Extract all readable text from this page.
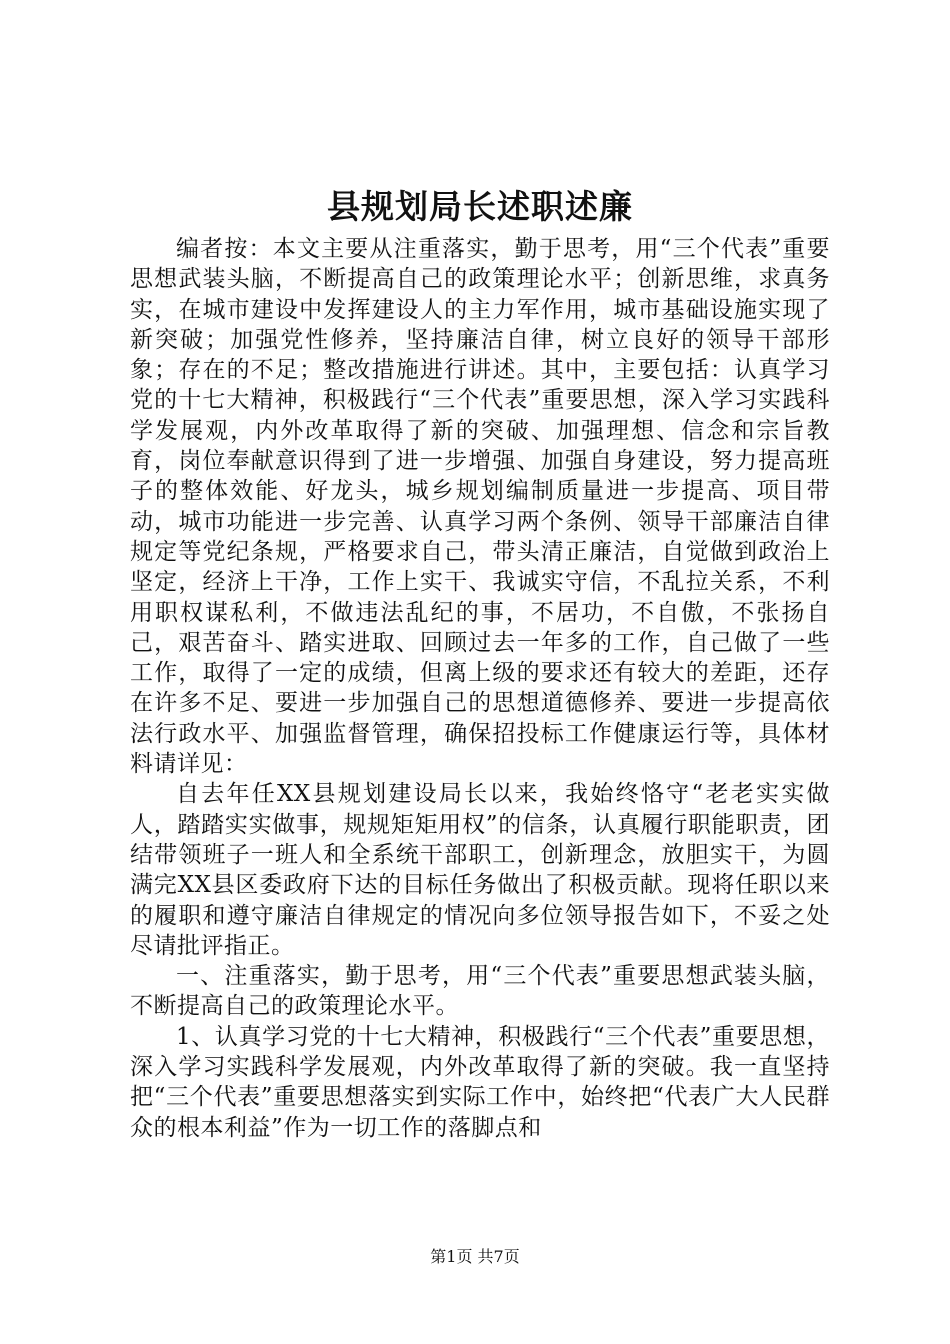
县规划局长述职述廉

编者按：本文主要从注重落实，勤于思考，用“三个代表”重要思想武装头脑，不断提高自己的政策理论水平；创新思维，求真务实，在城市建设中发挥建设人的主力军作用，城市基础设施实现了新突破；加强党性修养，坚持廉洁自律，树立良好的领导干部形象；存在的不足；整改措施进行讲述。其中，主要包括：认真学习党的十七大精神，积极践行“三个代表”重要思想，深入学习实践科学发展观，内外改革取得了新的突破、加强理想、信念和宗旨教育，岗位奉献意识得到了进一步增强、加强自身建设，努力提高班子的整体效能、好龙头，城乡规划编制质量进一步提高、项目带动，城市功能进一步完善、认真学习两个条例、领导干部廉洁自律规定等党纪条规，严格要求自己，带头清正廉洁，自觉做到政治上坚定，经济上干净，工作上实干、我诚实守信，不乱拉关系，不利用职权谋私利，不做违法乱纪的事，不居功，不自傲，不张扬自己，艰苦奋斗、踏实进取、回顾过去一年多的工作，自己做了一些工作，取得了一定的成绩，但离上级的要求还有较大的差距，还存在许多不足、要进一步加强自己的思想道德修养、要进一步提高依法行政水平、加强监督管理，确保招投标工作健康运行等，具体材料请详见：

自去年任XX县规划建设局长以来，我始终恪守“老老实实做人，踏踏实实做事，规规矩矩用权”的信条，认真履行职能职责，团结带领班子一班人和全系统干部职工，创新理念，放胆实干，为圆满完XX县区委政府下达的目标任务做出了积极贡献。现将任职以来的履职和遵守廉洁自律规定的情况向多位领导报告如下，不妥之处尽请批评指正。

一、注重落实，勤于思考，用“三个代表”重要思想武装头脑，不断提高自己的政策理论水平。

1、认真学习党的十七大精神，积极践行“三个代表”重要思想，深入学习实践科学发展观，内外改革取得了新的突破。我一直坚持把“三个代表”重要思想落实到实际工作中，始终把“代表广大人民群众的根本利益”作为一切工作的落脚点和

第1页 共7页
